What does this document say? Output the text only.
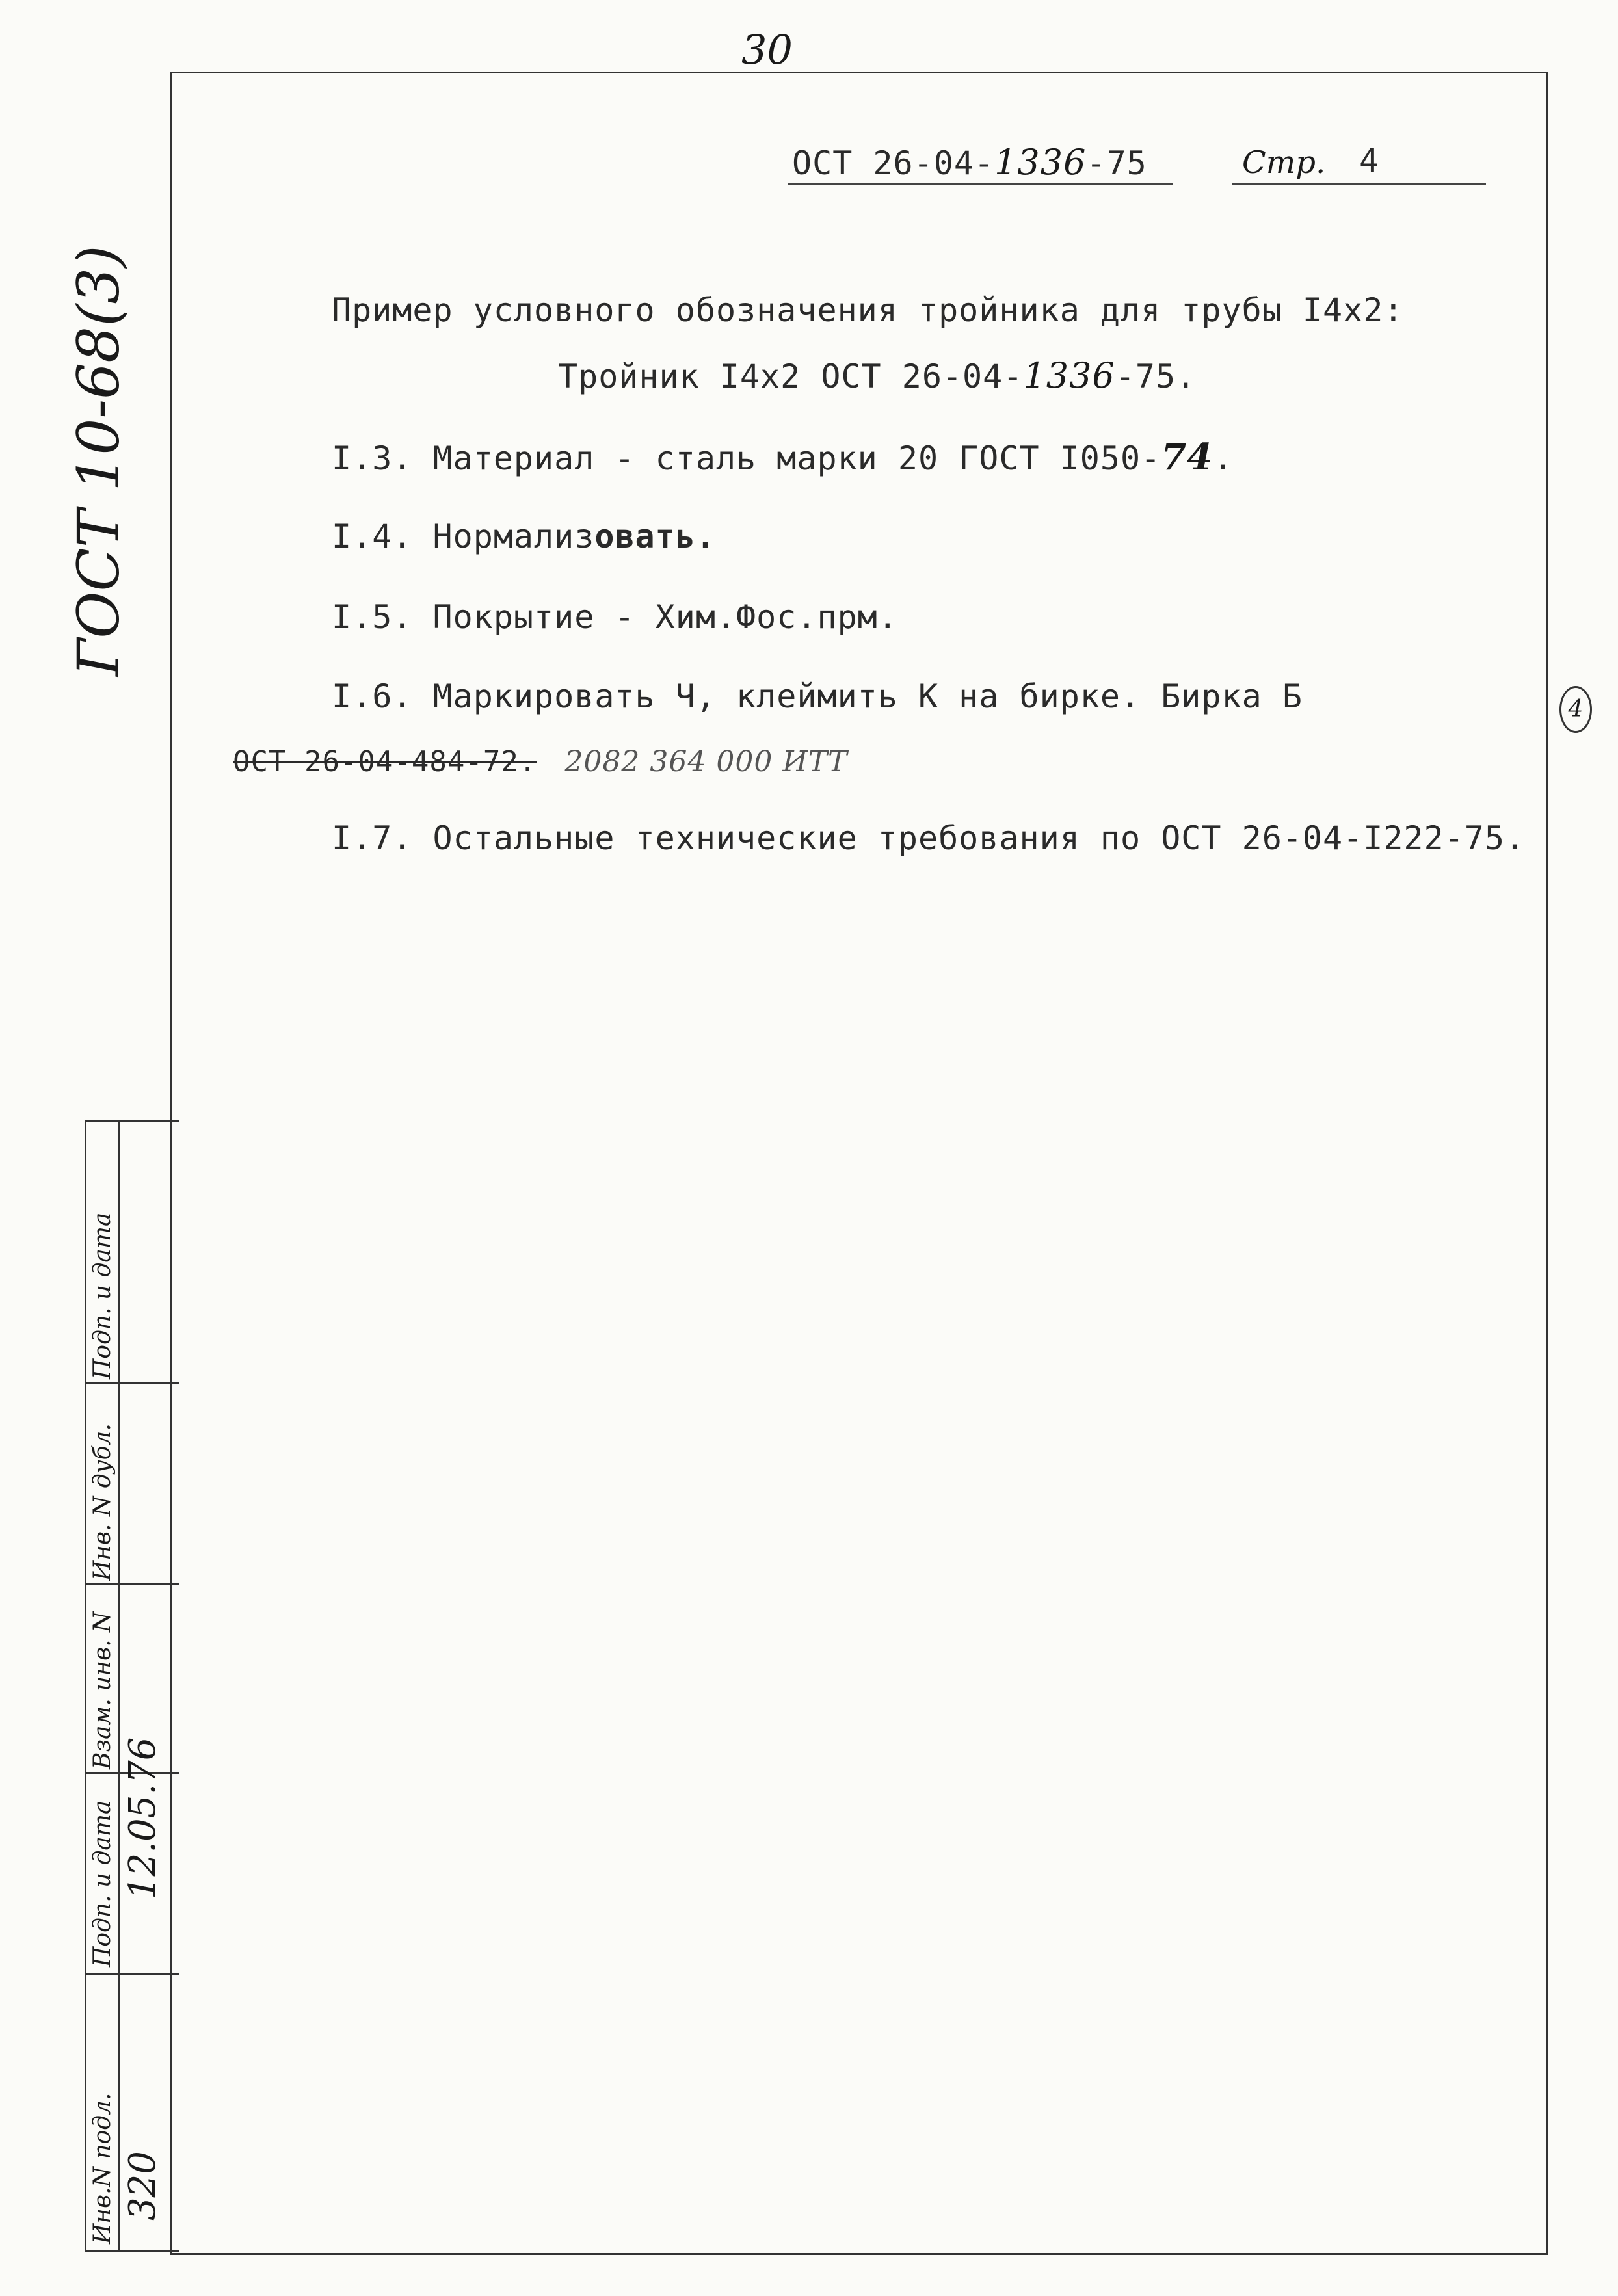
30
ОСТ 26-04-1336-75	Стр. 4
ГОСТ 10-68(3)
4
Пример условного обозначения тройника для трубы I4x2:
Тройник I4x2 ОСТ 26-04-1336-75.
I.3. Материал - сталь марки 20 ГОСТ I050-74.
I.4. Нормализовать.
I.5. Покрытие - Хим.Фос.прм.
I.6. Маркировать Ч, клеймить К на бирке. Бирка Б
ОСТ 26-04-484-72. 2082 364 000 ИТТ
I.7. Остальные технические требования по ОСТ 26-04-I222-75.
Инв.N подл.
Подп. и дата
Взам. инв. N
Инв. N дубл.
Подп. и дата
320
12.05.76
